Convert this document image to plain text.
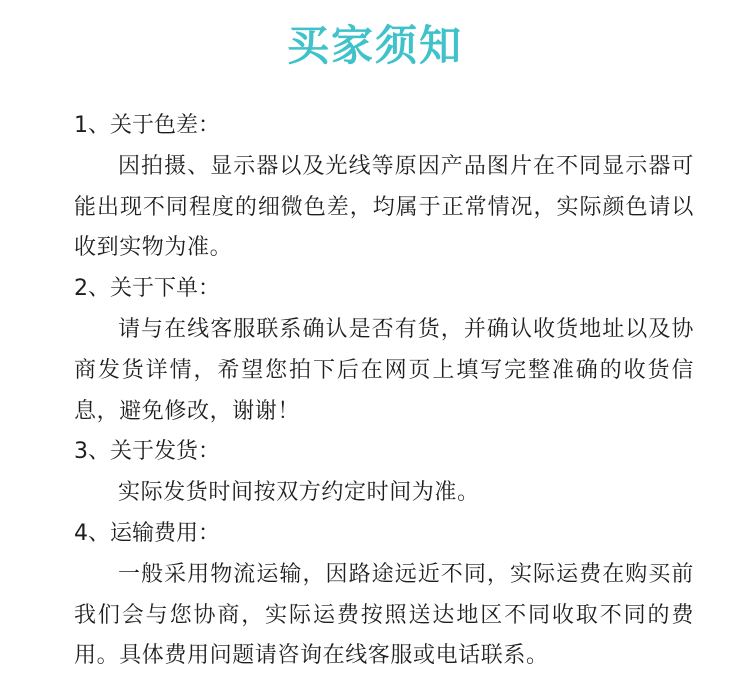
买家须知
1、关于色差：

因拍摄、显示器以及光线等原因产品图片在不同显示器可能出现不同程度的细微色差，均属于正常情况，实际颜色请以收到实物为准。

2、关于下单：

请与在线客服联系确认是否有货，并确认收货地址以及协商发货详情，希望您拍下后在网页上填写完整准确的收货信息，避免修改，谢谢！

3、关于发货：

实际发货时间按双方约定时间为准。

4、运输费用：

一般采用物流运输，因路途远近不同，实际运费在购买前我们会与您协商，实际运费按照送达地区不同收取不同的费用。具体费用问题请咨询在线客服或电话联系。
